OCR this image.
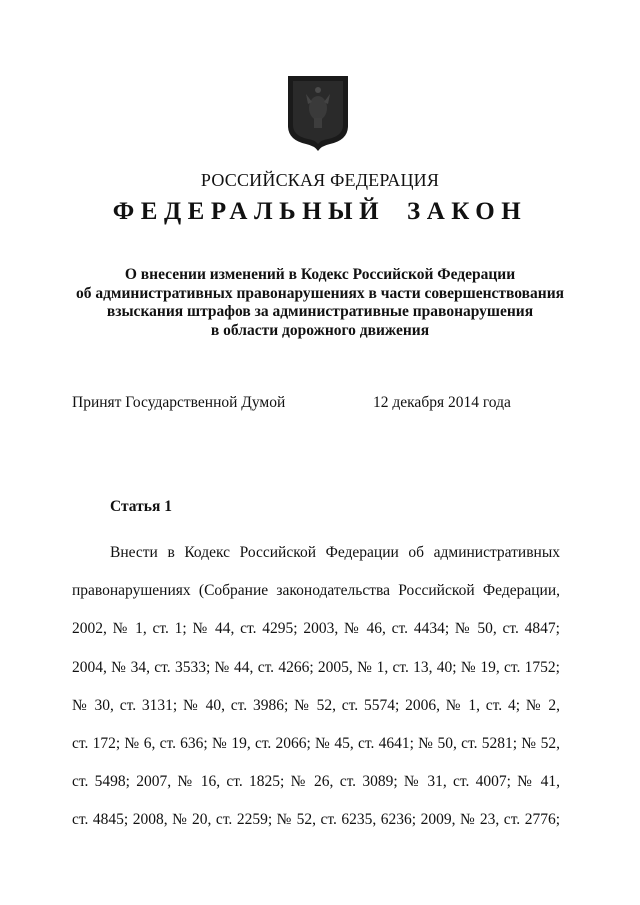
РОССИЙСКАЯ ФЕДЕРАЦИЯ
ФЕДЕРАЛЬНЫЙ ЗАКОН
О внесении изменений в Кодекс Российской Федерации
об административных правонарушениях в части совершенствования
взыскания штрафов за административные правонарушения
в области дорожного движения
Принят Государственной Думой	12 декабря 2014 года
Статья 1
Внести в Кодекс Российской Федерации об административных
правонарушениях (Собрание законодательства Российской Федерации,
2002, № 1, ст. 1; № 44, ст. 4295; 2003, № 46, ст. 4434; № 50, ст. 4847;
2004, № 34, ст. 3533; № 44, ст. 4266; 2005, № 1, ст. 13, 40; № 19, ст. 1752;
№ 30, ст. 3131; № 40, ст. 3986; № 52, ст. 5574; 2006, № 1, ст. 4; № 2,
ст. 172; № 6, ст. 636; № 19, ст. 2066; № 45, ст. 4641; № 50, ст. 5281; № 52,
ст. 5498; 2007, № 16, ст. 1825; № 26, ст. 3089; № 31, ст. 4007; № 41,
ст. 4845; 2008, № 20, ст. 2259; № 52, ст. 6235, 6236; 2009, № 23, ст. 2776;
